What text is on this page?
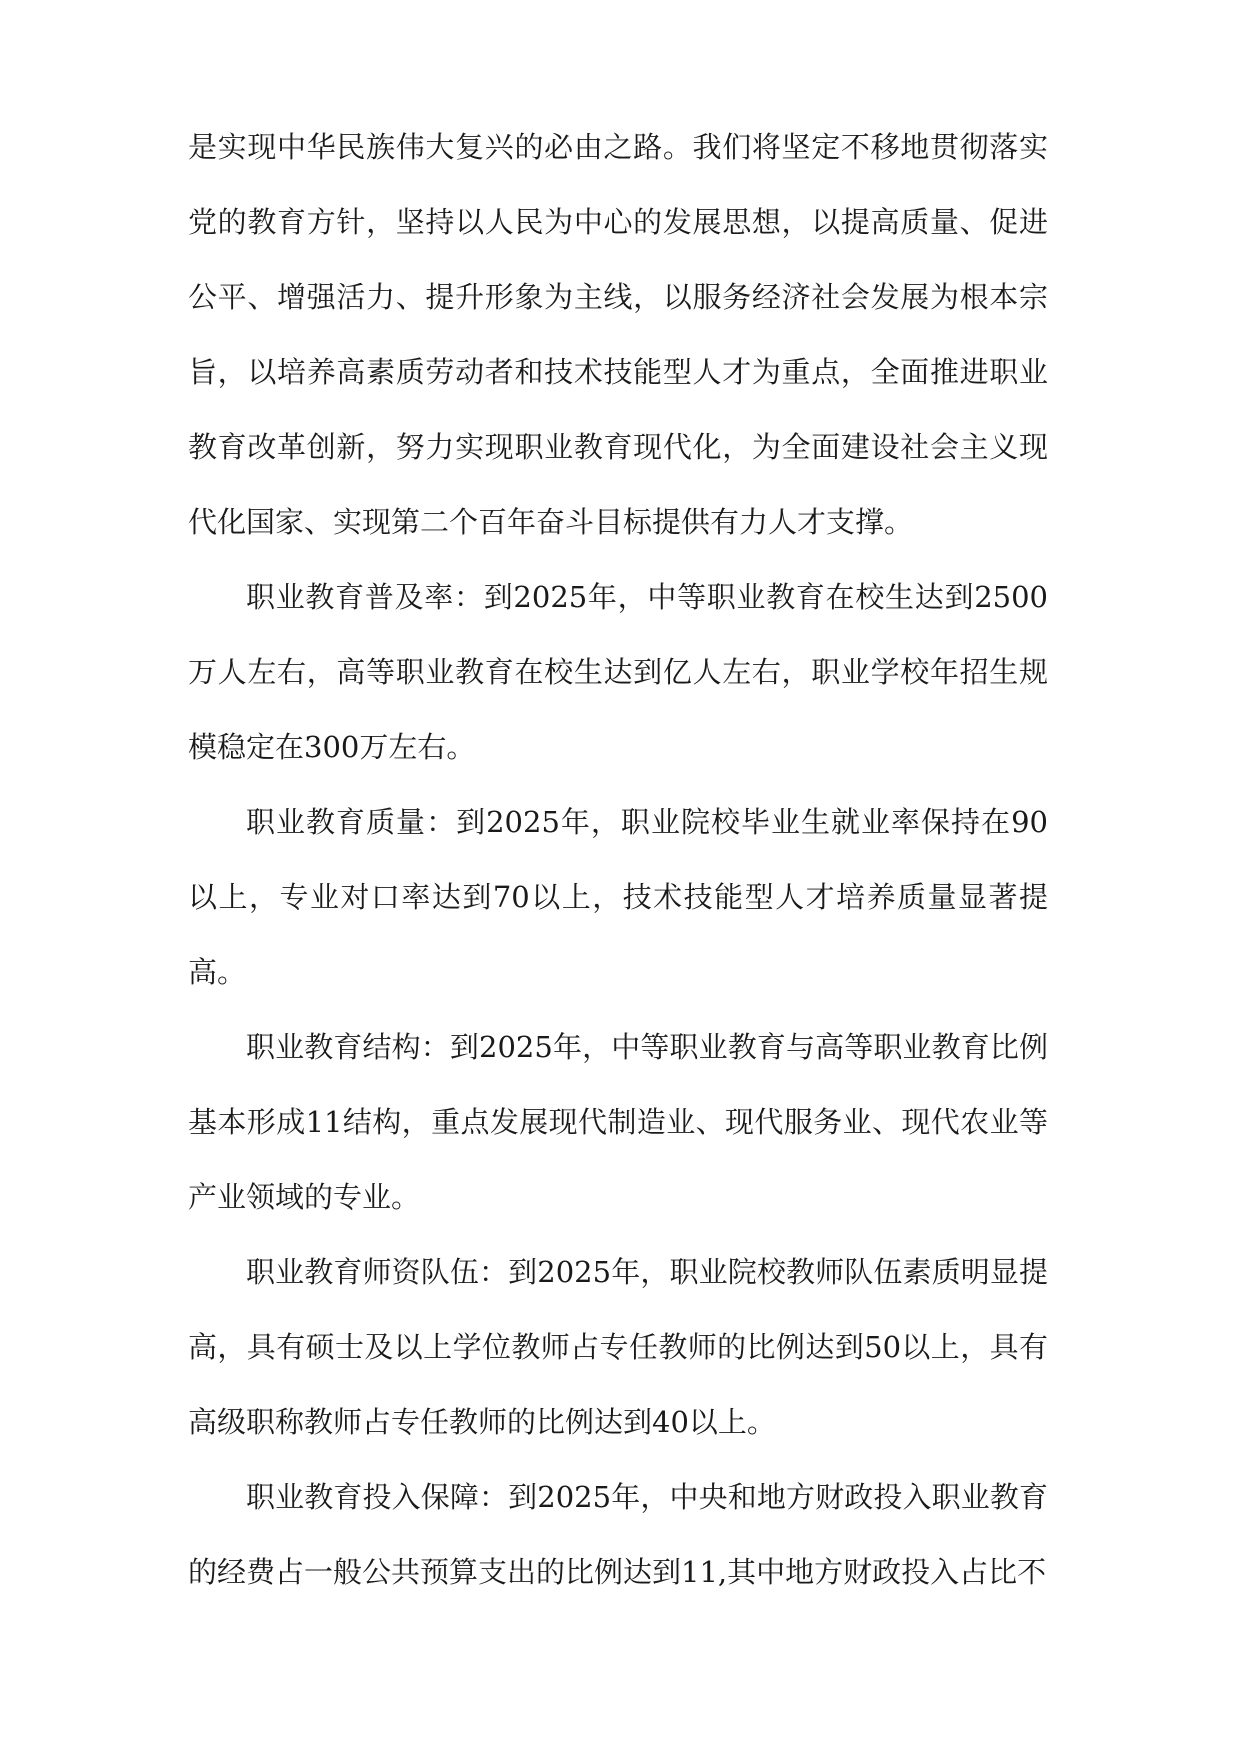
是实现中华民族伟大复兴的必由之路。我们将坚定不移地贯彻落实党的教育方针，坚持以人民为中心的发展思想，以提高质量、促进公平、增强活力、提升形象为主线，以服务经济社会发展为根本宗旨，以培养高素质劳动者和技术技能型人才为重点，全面推进职业教育改革创新，努力实现职业教育现代化，为全面建设社会主义现代化国家、实现第二个百年奋斗目标提供有力人才支撑。

职业教育普及率：到2025年，中等职业教育在校生达到2500万人左右，高等职业教育在校生达到亿人左右，职业学校年招生规模稳定在300万左右。

职业教育质量：到2025年，职业院校毕业生就业率保持在90以上，专业对口率达到70以上，技术技能型人才培养质量显著提高。

职业教育结构：到2025年，中等职业教育与高等职业教育比例基本形成11结构，重点发展现代制造业、现代服务业、现代农业等产业领域的专业。

职业教育师资队伍：到2025年，职业院校教师队伍素质明显提高，具有硕士及以上学位教师占专任教师的比例达到50以上，具有高级职称教师占专任教师的比例达到40以上。

职业教育投入保障：到2025年，中央和地方财政投入职业教育的经费占一般公共预算支出的比例达到11,其中地方财政投入占比不
